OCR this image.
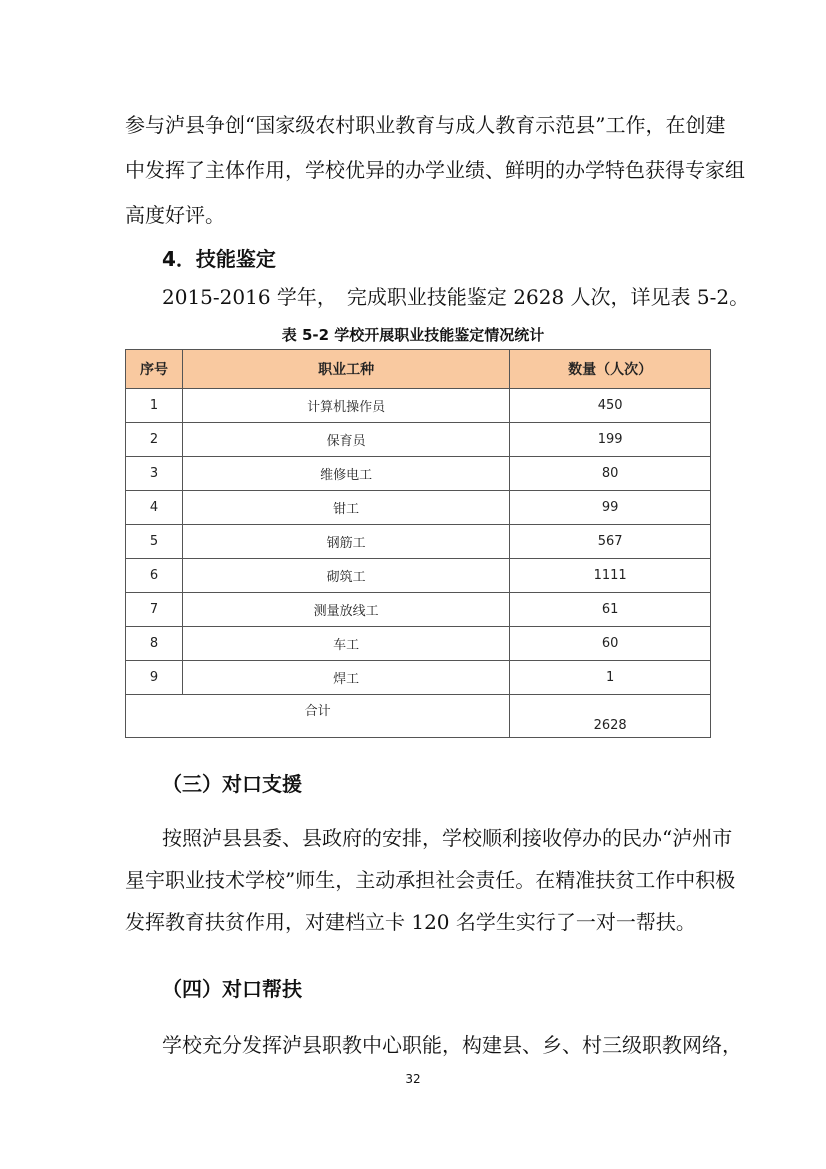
参与泸县争创“国家级农村职业教育与成人教育示范县”工作，在创建
中发挥了主体作用，学校优异的办学业绩、鲜明的办学特色获得专家组
高度好评。
4．技能鉴定
2015-2016 学年，　完成职业技能鉴定 2628 人次，详见表 5-2。
表 5-2 学校开展职业技能鉴定情况统计
序号	职业工种	数量（人次）
1	计算机操作员	450
2	保育员	199
3	维修电工	80
4	钳工	99
5	钢筋工	567
6	砌筑工	1111
7	测量放线工	61
8	车工	60
9	焊工	1
合计		2628
（三）对口支援
按照泸县县委、县政府的安排，学校顺利接收停办的民办“泸州市
星宇职业技术学校”师生，主动承担社会责任。在精准扶贫工作中积极
发挥教育扶贫作用，对建档立卡 120 名学生实行了一对一帮扶。
（四）对口帮扶
学校充分发挥泸县职教中心职能，构建县、乡、村三级职教网络，
32
